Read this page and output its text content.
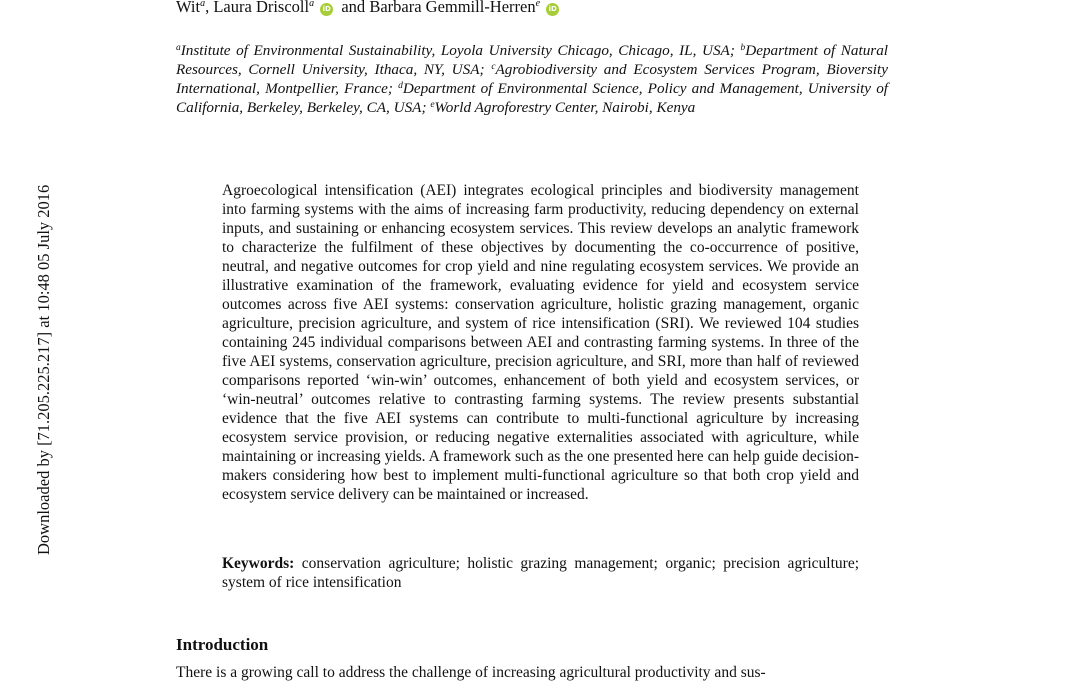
Wit$^a$, Laura Driscoll$^a$ iD and Barbara Gemmill-Herren$^e$ iD
$^a$Institute of Environmental Sustainability, Loyola University Chicago, Chicago, IL, USA; $^b$Department of Natural Resources, Cornell University, Ithaca, NY, USA; $^c$Agrobiodiversity and Ecosystem Services Program, Bioversity International, Montpellier, France; $^d$Department of Environmental Science, Policy and Management, University of California, Berkeley, Berkeley, CA, USA; $^e$World Agroforestry Center, Nairobi, Kenya
Downloaded by [71.205.225.217] at 10:48 05 July 2016	Agroecological intensification (AEI) integrates ecological principles and biodiversity management into farming systems with the aims of increasing farm productivity, reducing dependency on external inputs, and sustaining or enhancing ecosystem services. This review develops an analytic framework to characterize the fulfilment of these objectives by documenting the co-occurrence of positive, neutral, and negative outcomes for crop yield and nine regulating ecosystem services. We provide an illustrative examination of the framework, evaluating evidence for yield and ecosystem service outcomes across five AEI systems: conservation agriculture, holistic grazing management, organic agriculture, precision agriculture, and system of rice intensification (SRI). We reviewed 104 studies containing 245 individual comparisons between AEI and contrasting farming systems. In three of the five AEI systems, conservation agriculture, precision agriculture, and SRI, more than half of reviewed comparisons reported ‘win-win’ outcomes, enhancement of both yield and ecosystem services, or ‘win-neutral’ outcomes relative to contrasting farming systems. The review presents substantial evidence that the five AEI systems can contribute to multi-functional agriculture by increasing ecosystem service provision, or reducing negative externalities associated with agriculture, while maintaining or increasing yields. A framework such as the one presented here can help guide decision-makers considering how best to implement multi-functional agriculture so that both crop yield and ecosystem service delivery can be maintained or increased.

Keywords: conservation agriculture; holistic grazing management; organic; precision agriculture; system of rice intensification

Introduction

There is a growing call to address the challenge of increasing agricultural productivity and sus-
